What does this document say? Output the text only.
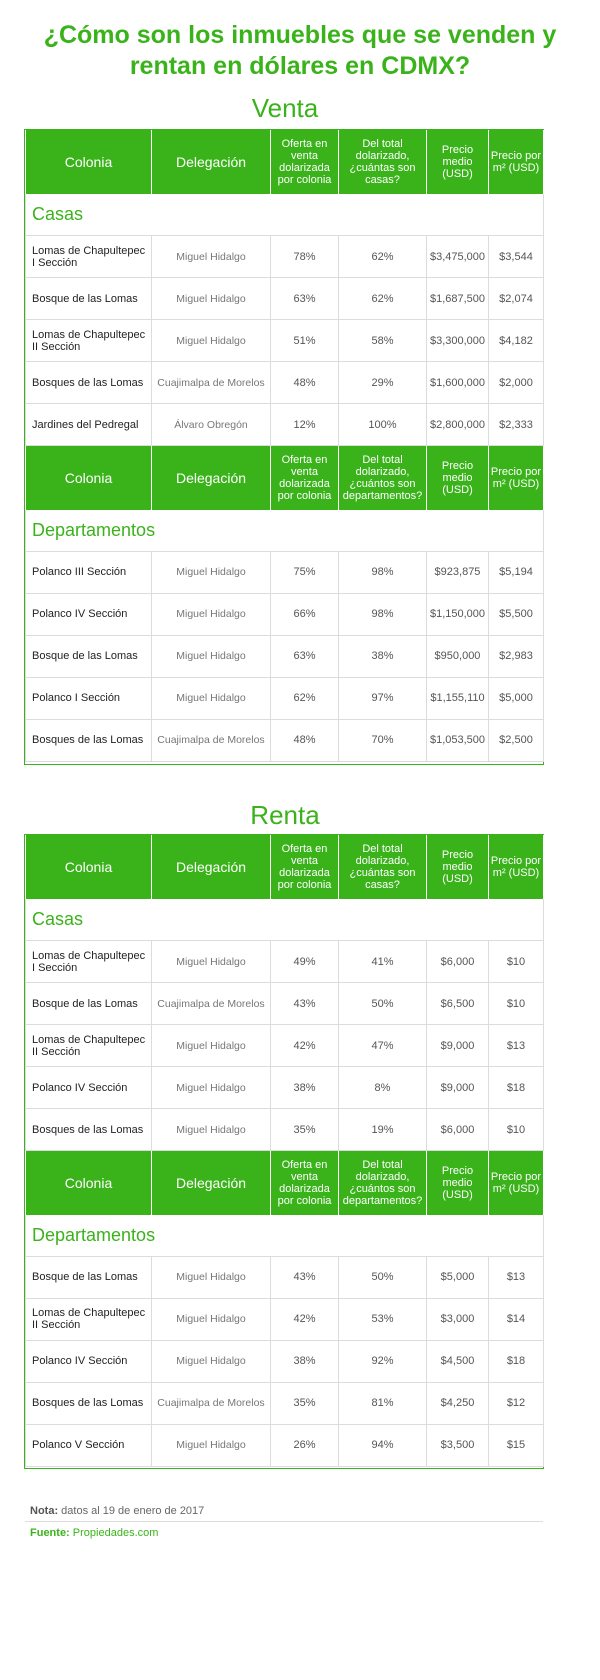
¿Cómo son los inmuebles que se venden y
rentan en dólares en CDMX?
Venta
Colonia	Delegación	Oferta en venta dolarizada por colonia	Del total dolarizado, ¿cuántas son casas?	Precio medio (USD)	Precio por m² (USD)
Casas					
Lomas de Chapultepec I Sección	Miguel Hidalgo	78%	62%	$3,475,000	$3,544
Bosque de las Lomas	Miguel Hidalgo	63%	62%	$1,687,500	$2,074
Lomas de Chapultepec II Sección	Miguel Hidalgo	51%	58%	$3,300,000	$4,182
Bosques de las Lomas	Cuajimalpa de Morelos	48%	29%	$1,600,000	$2,000
Jardines del Pedregal	Álvaro Obregón	12%	100%	$2,800,000	$2,333
Colonia	Delegación	Oferta en venta dolarizada por colonia	Del total dolarizado, ¿cuántos son departamentos?	Precio medio (USD)	Precio por m² (USD)
Departamentos					
Polanco III Sección	Miguel Hidalgo	75%	98%	$923,875	$5,194
Polanco IV Sección	Miguel Hidalgo	66%	98%	$1,150,000	$5,500
Bosque de las Lomas	Miguel Hidalgo	63%	38%	$950,000	$2,983
Polanco I Sección	Miguel Hidalgo	62%	97%	$1,155,110	$5,000
Bosques de las Lomas	Cuajimalpa de Morelos	48%	70%	$1,053,500	$2,500
Renta
Colonia	Delegación	Oferta en venta dolarizada por colonia	Del total dolarizado, ¿cuántas son casas?	Precio medio (USD)	Precio por m² (USD)
Casas					
Lomas de Chapultepec I Sección	Miguel Hidalgo	49%	41%	$6,000	$10
Bosque de las Lomas	Cuajimalpa de Morelos	43%	50%	$6,500	$10
Lomas de Chapultepec II Sección	Miguel Hidalgo	42%	47%	$9,000	$13
Polanco IV Sección	Miguel Hidalgo	38%	8%	$9,000	$18
Bosques de las Lomas	Miguel Hidalgo	35%	19%	$6,000	$10
Colonia	Delegación	Oferta en venta dolarizada por colonia	Del total dolarizado, ¿cuántos son departamentos?	Precio medio (USD)	Precio por m² (USD)
Departamentos					
Bosque de las Lomas	Miguel Hidalgo	43%	50%	$5,000	$13
Lomas de Chapultepec II Sección	Miguel Hidalgo	42%	53%	$3,000	$14
Polanco IV Sección	Miguel Hidalgo	38%	92%	$4,500	$18
Bosques de las Lomas	Cuajimalpa de Morelos	35%	81%	$4,250	$12
Polanco V Sección	Miguel Hidalgo	26%	94%	$3,500	$15
Nota: datos al 19 de enero de 2017
Fuente: Propiedades.com
